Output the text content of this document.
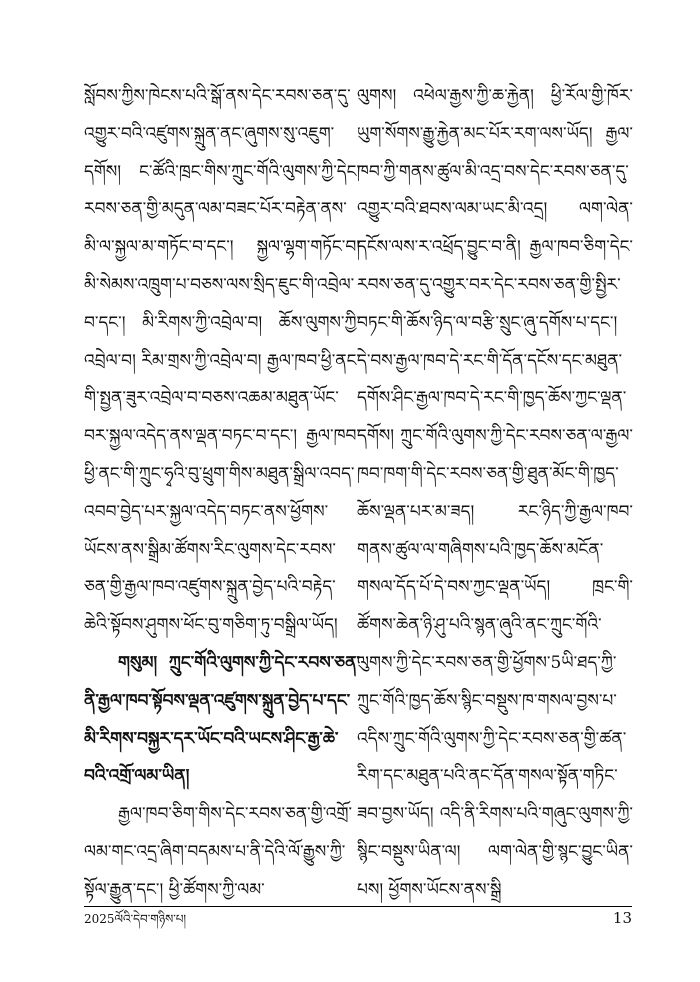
སློབས་ཀྱིས་ཁེངས་པའི་སྒོ་ནས་དེང་རབས་ཅན་དུ་འགྱུར་བའི་འཛུགས་སྐྲུན་ནང་ཞུགས་སུ་འཇུག་དགོས། ང་ཚོའི་ཁྲང་གིས་ཀྲུང་གོའི་ལུགས་ཀྱི་དེང་རབས་ཅན་གྱི་མདུན་ལམ་བཟང་པོར་བརྟེན་ནས་མི་ལ་སྐྱལ་མ་གཏོང་བ་དང་། སྐྱལ་ལྷག་གཏོང་བ། མི་སེམས་འཁྲུག་པ་བཅས་ལས་སྲིད་ཇུང་གི་འབྲེལ་བ་དང་། མི་རིགས་ཀྱི་འབྲེལ་བ། ཆོས་ལུགས་ཀྱི་འབྲེལ་བ། རིམ་གྲས་ཀྱི་འབྲེལ་བ། རྒྱལ་ཁབ་ཕྱི་ནང་གི་སྤྱན་ཟུར་འབྲེལ་བ་བཅས་འཆམ་མཐུན་ཡོང་བར་སྐྱལ་འདེད་ནས་ལྡན་བཏང་བ་དང་། རྒྱལ་ཁབ་ཕྱི་ནང་གི་ཀྲུང་ཧྭའི་བུ་ཕྲུག་གིས་མཐུན་སྒྲིལ་འབད་འབབ་བྱེད་པར་སྐྱལ་འདེད་བཏང་ནས་ཕྱོགས་ཡོངས་ནས་སྒྲིམ་ཚོགས་རིང་ལུགས་དེང་རབས་ཅན་གྱི་རྒྱལ་ཁབ་འཛུགས་སྐྲུན་བྱེད་པའི་བརྟེད་ཆེའི་སྟོབས་ཤུགས་ཕོང་བུ་གཅིག་ཏུ་བསྒྲིལ་ཡོད།

གསུམ། ཀྲུང་གོའི་ལུགས་ཀྱི་དེང་རབས་ཅན་ནི་རྒྱལ་ཁབ་སྟོབས་ལྡན་འཛུགས་སྐྲུན་བྱེད་པ་དང་མི་རིགས་བསྐྱར་དར་ཡོང་བའི་ཡངས་ཤིང་རྒྱ་ཆེ་བའི་འགྲོ་ལམ་ཡིན།

རྒྱལ་ཁབ་ཅིག་གིས་དེང་རབས་ཅན་གྱི་འགྲོ་ལམ་གང་འདྲ་ཞིག་བདམས་པ་ནི་དེའི་ལོ་རྒྱུས་ཀྱི་སྟོལ་རྒྱུན་དང་། ཕྱི་ཚོགས་ཀྱི་ལམ་

ལུགས། འཕེལ་རྒྱས་ཀྱི་ཆ་རྐྱེན། ཕྱི་རོལ་གྱི་ཁོར་ཡུག་སོགས་རྒྱུ་རྐྱེན་མང་པོར་རག་ལས་ཡོད། རྒྱལ་ཁབ་ཀྱི་གནས་ཚུལ་མི་འདྲ་བས་དེང་རབས་ཅན་དུ་འགྱུར་བའི་ཐབས་ལམ་ཡང་མི་འདྲ། ལག་ལེན་དངོས་ལས་ར་འཕྲོད་བྱུང་བ་ནི། རྒྱལ་ཁབ་ཅིག་དེང་རབས་ཅན་དུ་འགྱུར་བར་དེང་རབས་ཅན་གྱི་སྤྱིར་བཏང་གི་ཆོས་ཉིད་ལ་བརྩི་སྲུང་ཞུ་དགོས་པ་དང་། དེ་བས་རྒྱལ་ཁབ་དེ་རང་གི་དོན་དངོས་དང་མཐུན་དགོས་ཤིང་རྒྱལ་ཁབ་དེ་རང་གི་ཁྱད་ཆོས་ཀྱང་ལྡན་དགོས། ཀྲུང་གོའི་ལུགས་ཀྱི་དེང་རབས་ཅན་ལ་རྒྱལ་ཁབ་ཁག་གི་དེང་རབས་ཅན་གྱི་ཐུན་མོང་གི་ཁྱད་ཆོས་ལྡན་པར་མ་ཟད། རང་ཉིད་ཀྱི་རྒྱལ་ཁབ་གནས་ཚུལ་ལ་གཞིགས་པའི་ཁྱད་ཆོས་མངོན་གསལ་དོད་པོ་དེ་བས་ཀྱང་ལྡན་ཡོད། ཁྲང་གི་ཚོགས་ཆེན་ཉི་ཤུ་པའི་སྙན་ཞུའི་ནང་ཀྲུང་གོའི་ལུགས་ཀྱི་དེང་རབས་ཅན་གྱི་ཕྱོགས་5ཡི་ཐད་ཀྱི་ཀྲུང་གོའི་ཁྱད་ཆོས་སྙིང་བསྡུས་ཁ་གསལ་བྱས་པ་འདིས་ཀྲུང་གོའི་ལུགས་ཀྱི་དེང་རབས་ཅན་གྱི་ཚན་རིག་དང་མཐུན་པའི་ནང་དོན་གསལ་སྟོན་གཏིང་ཟབ་བྱས་ཡོད། འདི་ནི་རིགས་པའི་གཞུང་ལུགས་ཀྱི་སྙིང་བསྡུས་ཡིན་ལ། ལག་ལེན་གྱི་སྙང་བྱུང་ཡིན་པས། ཕྱོགས་ཡོངས་ནས་སྒྲི

2025ལོའི་དེབ་གཉིས་པ།	13
